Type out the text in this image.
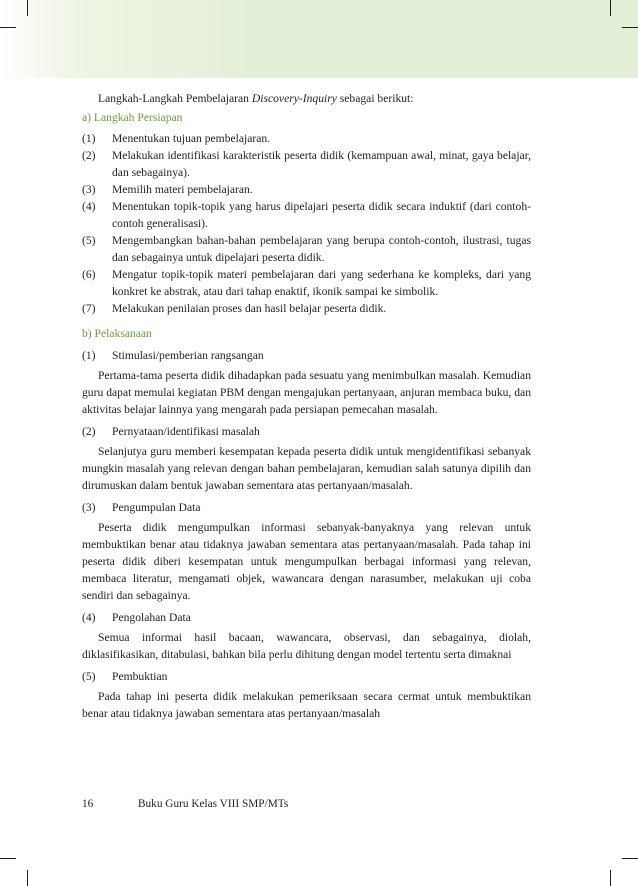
Langkah-Langkah Pembelajaran Discovery-Inquiry sebagai berikut:

a) Langkah Persiapan
(1)	Menentukan tujuan pembelajaran.
(2)	Melakukan identifikasi karakteristik peserta didik (kemampuan awal, minat, gaya belajar, dan sebagainya).
(3)	Memilih materi pembelajaran.
(4)	Menentukan topik-topik yang harus dipelajari peserta didik secara induktif (dari contoh-contoh generalisasi).
(5)	Mengembangkan bahan-bahan pembelajaran yang berupa contoh-contoh, ilustrasi, tugas dan sebagainya untuk dipelajari peserta didik.
(6)	Mengatur topik-topik materi pembelajaran dari yang sederhana ke kompleks, dari yang konkret ke abstrak, atau dari tahap enaktif, ikonik sampai ke simbolik.
(7)	Melakukan penilaian proses dan hasil belajar peserta didik.
b) Pelaksanaan
(1) Stimulasi/pemberian rangsangan

Pertama-tama peserta didik dihadapkan pada sesuatu yang menimbulkan masalah. Kemudian guru dapat memulai kegiatan PBM dengan mengajukan pertanyaan, anjuran membaca buku, dan aktivitas belajar lainnya yang mengarah pada persiapan pemecahan masalah.

(2) Pernyataan/identifikasi masalah

Selanjutya guru memberi kesempatan kepada peserta didik untuk mengidentifikasi sebanyak mungkin masalah yang relevan dengan bahan pembelajaran, kemudian salah satunya dipilih dan dirumuskan dalam bentuk jawaban sementara atas pertanyaan/masalah.

(3) Pengumpulan Data

Peserta didik mengumpulkan informasi sebanyak-banyaknya yang relevan untuk membuktikan benar atau tidaknya jawaban sementara atas pertanyaan/masalah. Pada tahap ini peserta didik diberi kesempatan untuk mengumpulkan berbagai informasi yang relevan, membaca literatur, mengamati objek, wawancara dengan narasumber, melakukan uji coba sendiri dan sebagainya.

(4) Pengolahan Data

Semua informai hasil bacaan, wawancara, observasi, dan sebagainya, diolah, diklasifikasikan, ditabulasi, bahkan bila perlu dihitung dengan model tertentu serta dimaknai

(5) Pembuktian

Pada tahap ini peserta didik melakukan pemeriksaan secara cermat untuk membuktikan benar atau tidaknya jawaban sementara atas pertanyaan/masalah

16	Buku Guru Kelas VIII SMP/MTs
